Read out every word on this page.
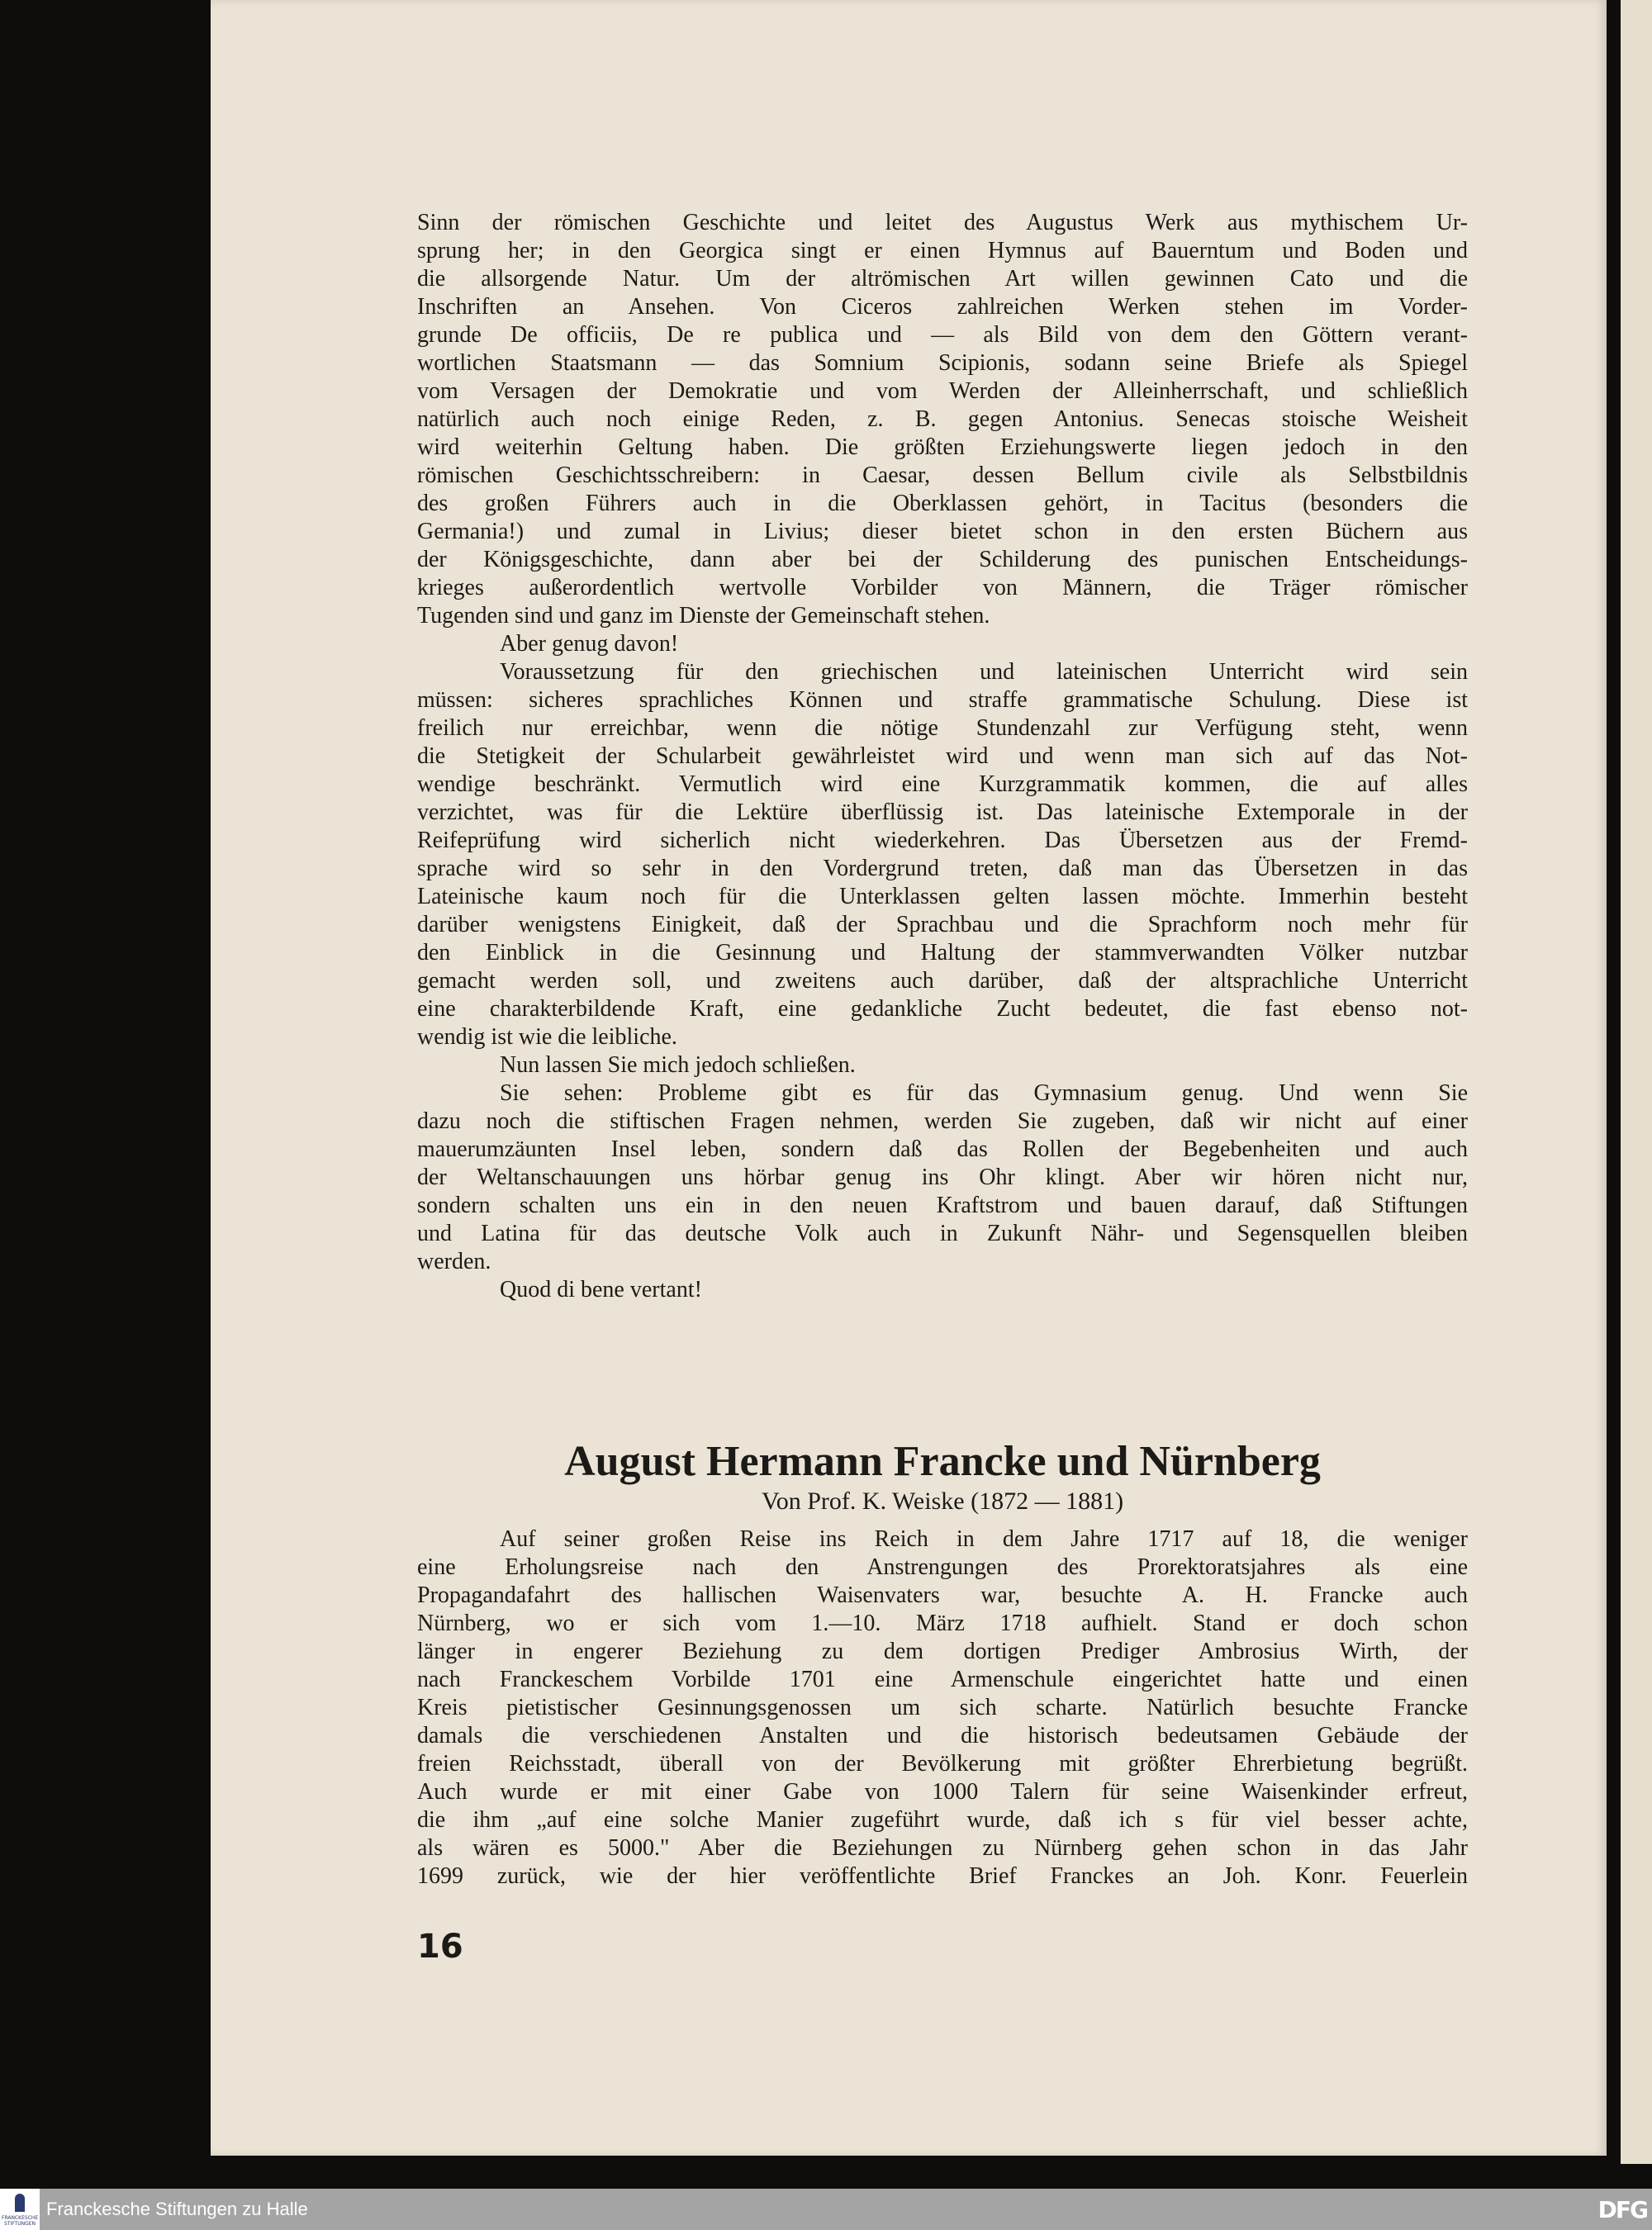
Sinn der römischen Geschichte und leitet des Augustus Werk aus mythischem Ur-
sprung her; in den Georgica singt er einen Hymnus auf Bauerntum und Boden und
die allsorgende Natur. Um der altrömischen Art willen gewinnen Cato und die
Inschriften an Ansehen. Von Ciceros zahlreichen Werken stehen im Vorder-
grunde De officiis, De re publica und — als Bild von dem den Göttern verant-
wortlichen Staatsmann — das Somnium Scipionis, sodann seine Briefe als Spiegel
vom Versagen der Demokratie und vom Werden der Alleinherrschaft, und schließlich
natürlich auch noch einige Reden, z. B. gegen Antonius. Senecas stoische Weisheit
wird weiterhin Geltung haben. Die größten Erziehungswerte liegen jedoch in den
römischen Geschichtsschreibern: in Caesar, dessen Bellum civile als Selbstbildnis
des großen Führers auch in die Oberklassen gehört, in Tacitus (besonders die
Germania!) und zumal in Livius; dieser bietet schon in den ersten Büchern aus
der Königsgeschichte, dann aber bei der Schilderung des punischen Entscheidungs-
krieges außerordentlich wertvolle Vorbilder von Männern, die Träger römischer
Tugenden sind und ganz im Dienste der Gemeinschaft stehen.
Aber genug davon!
Voraussetzung für den griechischen und lateinischen Unterricht wird sein
müssen: sicheres sprachliches Können und straffe grammatische Schulung. Diese ist
freilich nur erreichbar, wenn die nötige Stundenzahl zur Verfügung steht, wenn
die Stetigkeit der Schularbeit gewährleistet wird und wenn man sich auf das Not-
wendige beschränkt. Vermutlich wird eine Kurzgrammatik kommen, die auf alles
verzichtet, was für die Lektüre überflüssig ist. Das lateinische Extemporale in der
Reifeprüfung wird sicherlich nicht wiederkehren. Das Übersetzen aus der Fremd-
sprache wird so sehr in den Vordergrund treten, daß man das Übersetzen in das
Lateinische kaum noch für die Unterklassen gelten lassen möchte. Immerhin besteht
darüber wenigstens Einigkeit, daß der Sprachbau und die Sprachform noch mehr für
den Einblick in die Gesinnung und Haltung der stammverwandten Völker nutzbar
gemacht werden soll, und zweitens auch darüber, daß der altsprachliche Unterricht
eine charakterbildende Kraft, eine gedankliche Zucht bedeutet, die fast ebenso not-
wendig ist wie die leibliche.
Nun lassen Sie mich jedoch schließen.
Sie sehen: Probleme gibt es für das Gymnasium genug. Und wenn Sie
dazu noch die stiftischen Fragen nehmen, werden Sie zugeben, daß wir nicht auf einer
mauerumzäunten Insel leben, sondern daß das Rollen der Begebenheiten und auch
der Weltanschauungen uns hörbar genug ins Ohr klingt. Aber wir hören nicht nur,
sondern schalten uns ein in den neuen Kraftstrom und bauen darauf, daß Stiftungen
und Latina für das deutsche Volk auch in Zukunft Nähr- und Segensquellen bleiben
werden.
Quod di bene vertant!
August Hermann Francke und Nürnberg
Von Prof. K. Weiske (1872 — 1881)
Auf seiner großen Reise ins Reich in dem Jahre 1717 auf 18, die weniger
eine Erholungsreise nach den Anstrengungen des Prorektoratsjahres als eine
Propagandafahrt des hallischen Waisenvaters war, besuchte A. H. Francke auch
Nürnberg, wo er sich vom 1.—10. März 1718 aufhielt. Stand er doch schon
länger in engerer Beziehung zu dem dortigen Prediger Ambrosius Wirth, der
nach Franckeschem Vorbilde 1701 eine Armenschule eingerichtet hatte und einen
Kreis pietistischer Gesinnungsgenossen um sich scharte. Natürlich besuchte Francke
damals die verschiedenen Anstalten und die historisch bedeutsamen Gebäude der
freien Reichsstadt, überall von der Bevölkerung mit größter Ehrerbietung begrüßt.
Auch wurde er mit einer Gabe von 1000 Talern für seine Waisenkinder erfreut,
die ihm „auf eine solche Manier zugeführt wurde, daß ich s für viel besser achte,
als wären es 5000." Aber die Beziehungen zu Nürnberg gehen schon in das Jahr
1699 zurück, wie der hier veröffentlichte Brief Franckes an Joh. Konr. Feuerlein
16
FRANCKESCHE
STIFTUNGEN
Franckesche Stiftungen zu Halle	DFG
